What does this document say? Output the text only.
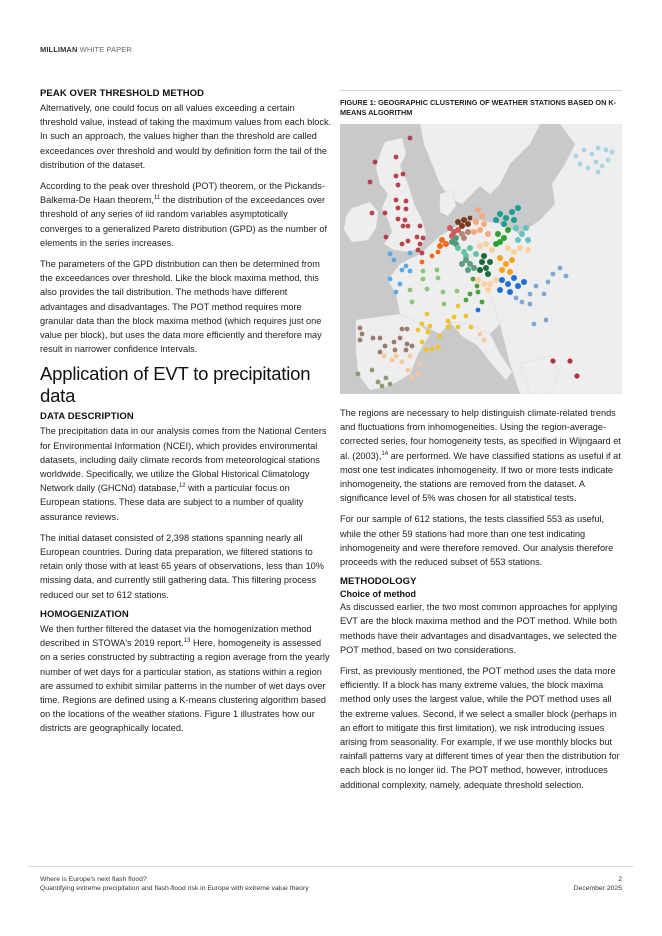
MILLIMAN WHITE PAPER
PEAK OVER THRESHOLD METHOD

Alternatively, one could focus on all values exceeding a certain threshold value, instead of taking the maximum values from each block. In such an approach, the values higher than the threshold are called exceedances over threshold and would by definition form the tail of the distribution of the dataset.

According to the peak over threshold (POT) theorem, or the Pickands-Balkema-De Haan theorem,$^{11}$ the distribution of the exceedances over threshold of any series of iid random variables asymptotically converges to a generalized Pareto distribution (GPD) as the number of elements in the series increases.

The parameters of the GPD distribution can then be determined from the exceedances over threshold. Like the block maxima method, this also provides the tail distribution. The methods have different advantages and disadvantages. The POT method requires more granular data than the block maxima method (which requires just one value per block), but uses the data more efficiently and therefore may result in narrower confidence intervals.

Application of EVT to precipitation data
DATA DESCRIPTION

The precipitation data in our analysis comes from the National Centers for Environmental Information (NCEI), which provides environmental datasets, including daily climate records from meteorological stations worldwide. Specifically, we utilize the Global Historical Climatology Network daily (GHCNd) database,$^{12}$ with a particular focus on European stations. These data are subject to a number of quality assurance reviews.

The initial dataset consisted of 2,398 stations spanning nearly all European countries. During data preparation, we filtered stations to retain only those with at least 65 years of observations, less than 10% missing data, and currently still gathering data. This filtering process reduced our set to 612 stations.

HOMOGENIZATION

We then further filtered the dataset via the homogenization method described in STOWA's 2019 report.$^{13}$ Here, homogeneity is assessed on a series constructed by subtracting a region average from the yearly number of wet days for a particular station, as stations within a region are assumed to exhibit similar patterns in the number of wet days over time. Regions are defined using a K-means clustering algorithm based on the locations of the weather stations. Figure 1 illustrates how our districts are geographically located.

FIGURE 1: GEOGRAPHIC CLUSTERING OF WEATHER STATIONS BASED ON K-MEANS ALGORITHM

The regions are necessary to help distinguish climate-related trends and fluctuations from inhomogeneities. Using the region-average-corrected series, four homogeneity tests, as specified in Wijngaard et al. (2003),$^{14}$ are performed. We have classified stations as useful if at most one test indicates inhomogeneity. If two or more tests indicate inhomogeneity, the stations are removed from the dataset. A significance level of 5% was chosen for all statistical tests.

For our sample of 612 stations, the tests classified 553 as useful, while the other 59 stations had more than one test indicating inhomogeneity and were therefore removed. Our analysis therefore proceeds with the reduced subset of 553 stations.

METHODOLOGY
Choice of method

As discussed earlier, the two most common approaches for applying EVT are the block maxima method and the POT method. While both methods have their advantages and disadvantages, we selected the POT method, based on two considerations.

First, as previously mentioned, the POT method uses the data more efficiently. If a block has many extreme values, the block maxima method only uses the largest value, while the POT method uses all the extreme values. Second, if we select a smaller block (perhaps in an effort to mitigate this first limitation), we risk introducing issues arising from seasonality. For example, if we use monthly blocks but rainfall patterns vary at different times of year then the distribution for each block is no longer iid. The POT method, however, introduces additional complexity, namely, adequate threshold selection.

Where is Europe's next flash flood?
Quantifying extreme precipitation and flash-flood risk in Europe with extreme value theory
2
December 2025
